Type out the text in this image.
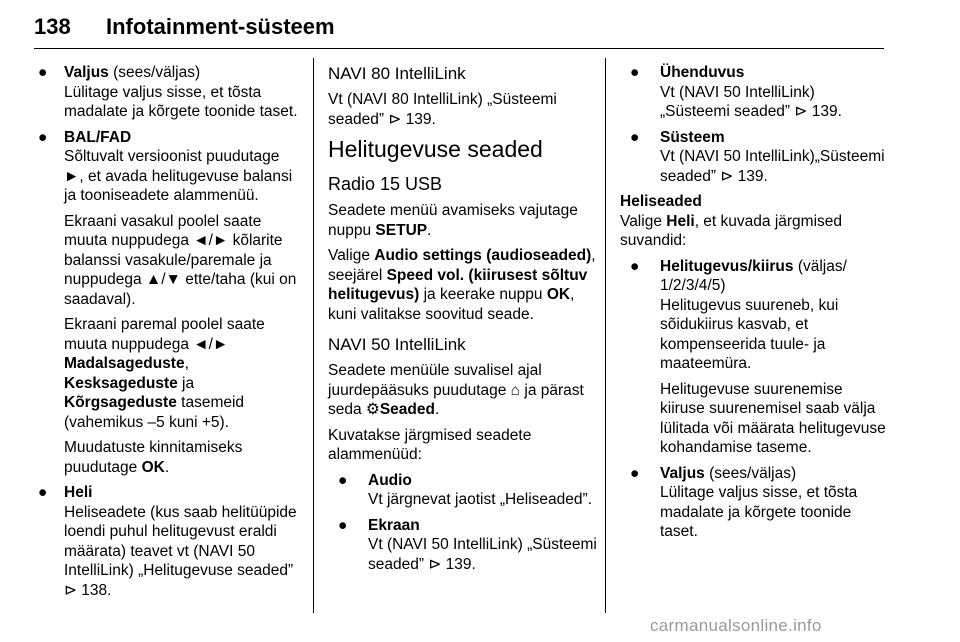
138 Infotainment-süsteem
● Valjus (sees/väljas)

Lülitage valjus sisse, et tõsta madalate ja kõrgete toonide taset.

● BAL/FAD

Sõltuvalt versioonist puudutage ►, et avada helitugevuse balansi ja tooniseadete alammenüü.

Ekraani vasakul poolel saate muuta nuppudega ◄/► kõlarite balanssi vasakule/paremale ja nuppudega ▲/▼ ette/taha (kui on saadaval).

Ekraani paremal poolel saate muuta nuppudega ◄/►
Madalsageduste,
Kesksageduste ja
Kõrgsageduste tasemeid (vahemikus –5 kuni +5).

Muudatuste kinnitamiseks puudutage OK.

● Heli

Heliseadete (kus saab helitüüpide loendi puhul helitugevust eraldi määrata) teavet vt (NAVI 50 IntelliLink) „Helitugevuse seaded” ⊳ 138.

NAVI 80 IntelliLink

Vt (NAVI 80 IntelliLink) „Süsteemi seaded” ⊳ 139.

Helitugevuse seaded
Radio 15 USB

Seadete menüü avamiseks vajutage nuppu SETUP.

Valige Audio settings (audioseaded), seejärel Speed vol. (kiirusest sõltuv helitugevus) ja keerake nuppu OK, kuni valitakse soovitud seade.

NAVI 50 IntelliLink

Seadete menüüle suvalisel ajal juurdepääsuks puudutage ⌂ ja pärast seda ⚙Seaded.

Kuvatakse järgmised seadete alammenüüd:

● Audio

Vt järgnevat jaotist „Heliseaded”.

● Ekraan

Vt (NAVI 50 IntelliLink) „Süsteemi seaded” ⊳ 139.

● Ühenduvus

Vt (NAVI 50 IntelliLink) „Süsteemi seaded” ⊳ 139.

● Süsteem

Vt (NAVI 50 IntelliLink)„Süsteemi seaded” ⊳ 139.

Heliseaded

Valige Heli, et kuvada järgmised suvandid:

● Helitugevus/kiirus (väljas/ 1/2/3/4/5)

Helitugevus suureneb, kui sõidukiirus kasvab, et kompenseerida tuule- ja maateemüra.

Helitugevuse suurenemise kiiruse suurenemisel saab välja lülitada või määrata helitugevuse kohandamise taseme.

● Valjus (sees/väljas)

Lülitage valjus sisse, et tõsta madalate ja kõrgete toonide taset.

carmanualsonline.info
